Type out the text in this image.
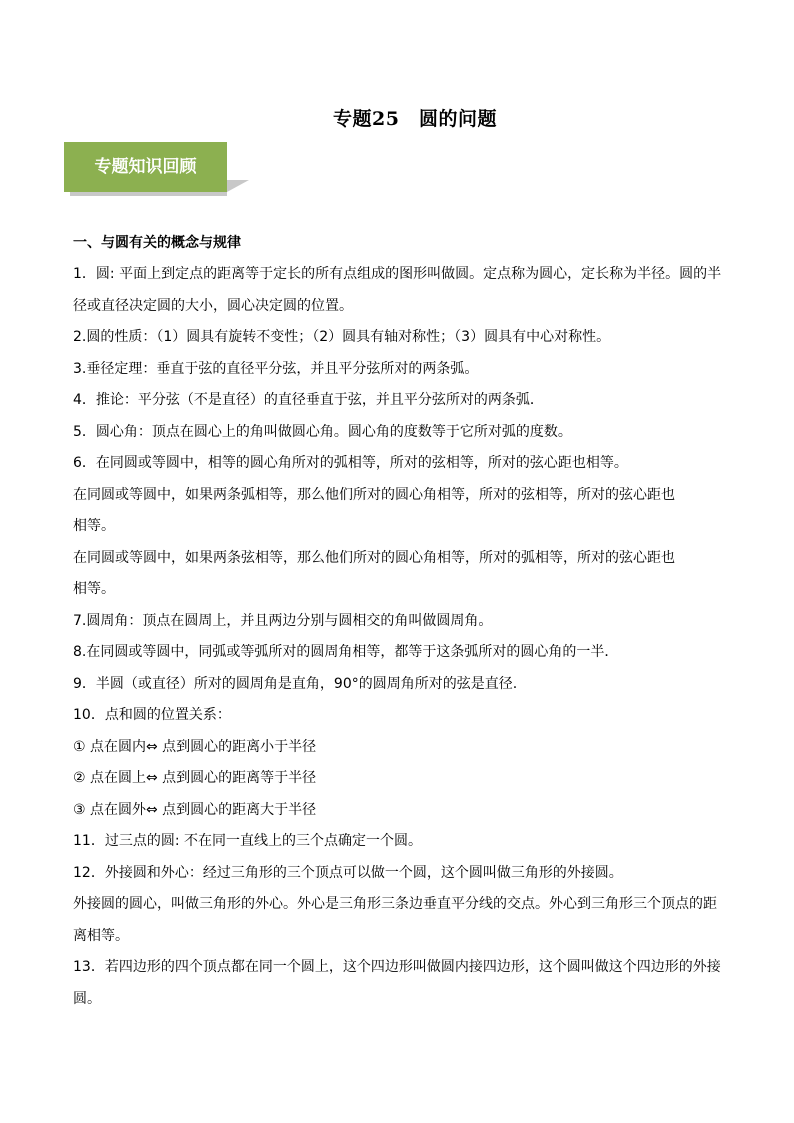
专题25　圆的问题
专题知识回顾
一、与圆有关的概念与规律
1．圆: 平面上到定点的距离等于定长的所有点组成的图形叫做圆。定点称为圆心，定长称为半径。圆的半
径或直径决定圆的大小，圆心决定圆的位置。
2.圆的性质：（1）圆具有旋转不变性；（2）圆具有轴对称性；（3）圆具有中心对称性。
3.垂径定理：垂直于弦的直径平分弦，并且平分弦所对的两条弧。
4．推论：平分弦（不是直径）的直径垂直于弦，并且平分弦所对的两条弧．
5．圆心角：顶点在圆心上的角叫做圆心角。圆心角的度数等于它所对弧的度数。
6．在同圆或等圆中，相等的圆心角所对的弧相等，所对的弦相等，所对的弦心距也相等。
在同圆或等圆中，如果两条弧相等，那么他们所对的圆心角相等，所对的弦相等，所对的弦心距也
相等。
在同圆或等圆中，如果两条弦相等，那么他们所对的圆心角相等，所对的弧相等，所对的弦心距也
相等。
7.圆周角：顶点在圆周上，并且两边分别与圆相交的角叫做圆周角。
8.在同圆或等圆中，同弧或等弧所对的圆周角相等，都等于这条弧所对的圆心角的一半．
9．半圆（或直径）所对的圆周角是直角，90°的圆周角所对的弦是直径.
10．点和圆的位置关系：
① 点在圆内⇔ 点到圆心的距离小于半径
② 点在圆上⇔ 点到圆心的距离等于半径
③ 点在圆外⇔ 点到圆心的距离大于半径
11．过三点的圆: 不在同一直线上的三个点确定一个圆。
12．外接圆和外心：经过三角形的三个顶点可以做一个圆，这个圆叫做三角形的外接圆。
外接圆的圆心，叫做三角形的外心。外心是三角形三条边垂直平分线的交点。外心到三角形三个顶点的距
离相等。
13．若四边形的四个顶点都在同一个圆上，这个四边形叫做圆内接四边形，这个圆叫做这个四边形的外接
圆。
